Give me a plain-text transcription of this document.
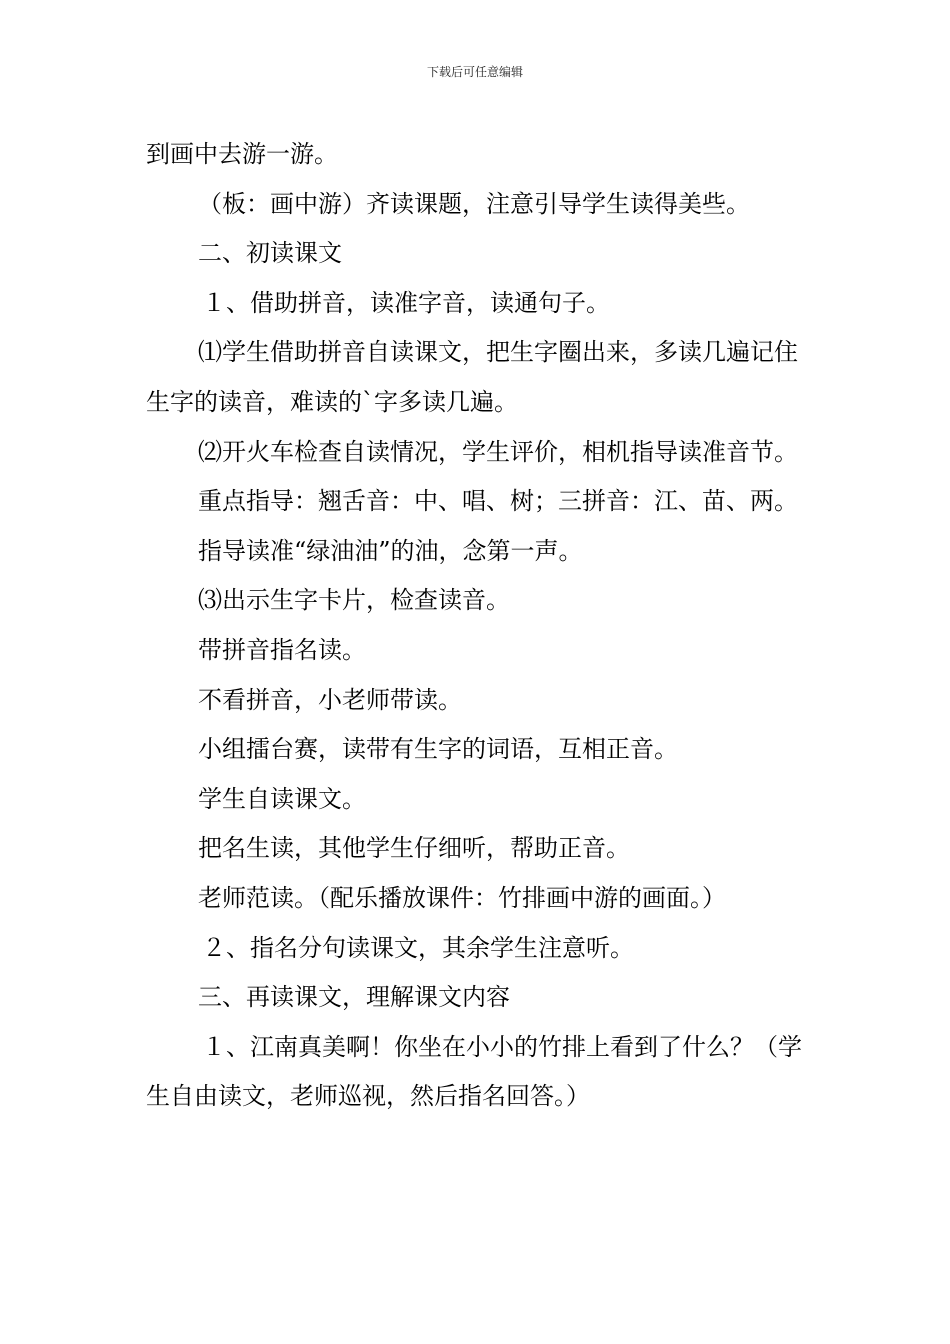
下载后可任意编辑

到画中去游一游。

（板：画中游）齐读课题，注意引导学生读得美些。

二、初读课文

１、借助拼音，读准字音，读通句子。

⑴学生借助拼音自读课文，把生字圈出来，多读几遍记住生字的读音，难读的`字多读几遍。

⑵开火车检查自读情况，学生评价，相机指导读准音节。

重点指导：翘舌音：中、唱、树；三拼音：江、苗、两。

指导读准“绿油油”的油，念第一声。

⑶出示生字卡片，检查读音。

带拼音指名读。

不看拼音，小老师带读。

小组擂台赛，读带有生字的词语，互相正音。

学生自读课文。

把名生读，其他学生仔细听，帮助正音。

老师范读。（配乐播放课件：竹排画中游的画面。）

２、指名分句读课文，其余学生注意听。

三、再读课文，理解课文内容

１、江南真美啊！你坐在小小的竹排上看到了什么？（学生自由读文，老师巡视，然后指名回答。）
